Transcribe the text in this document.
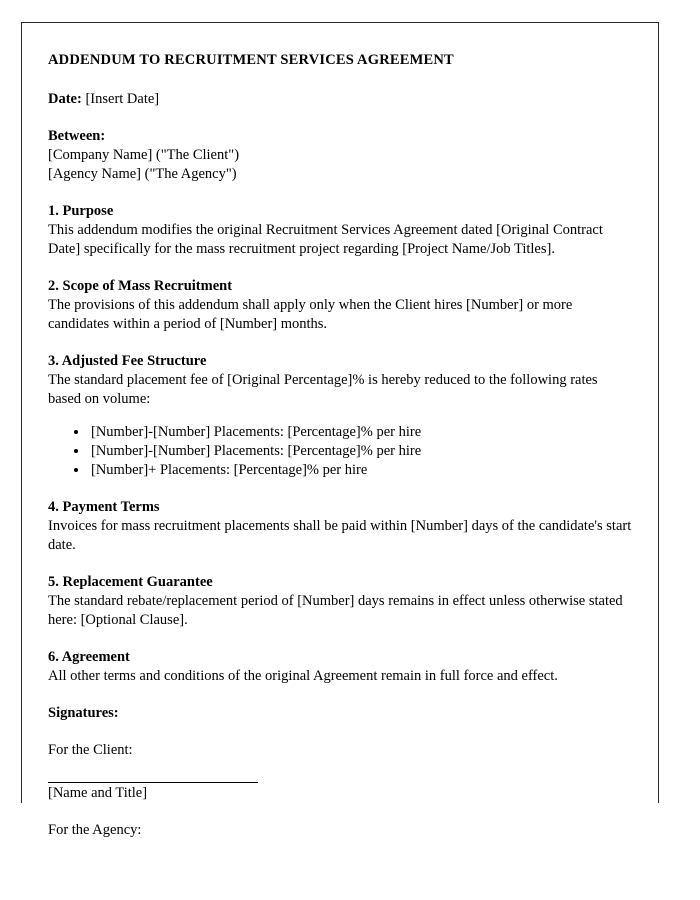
ADDENDUM TO RECRUITMENT SERVICES AGREEMENT

Date: [Insert Date]

Between:

[Company Name] ("The Client")

[Agency Name] ("The Agency")

1. Purpose

This addendum modifies the original Recruitment Services Agreement dated [Original Contract Date] specifically for the mass recruitment project regarding [Project Name/Job Titles].

2. Scope of Mass Recruitment

The provisions of this addendum shall apply only when the Client hires [Number] or more candidates within a period of [Number] months.

3. Adjusted Fee Structure

The standard placement fee of [Original Percentage]% is hereby reduced to the following rates based on volume:

• [Number]-[Number] Placements: [Percentage]% per hire
• [Number]-[Number] Placements: [Percentage]% per hire
• [Number]+ Placements: [Percentage]% per hire

4. Payment Terms

Invoices for mass recruitment placements shall be paid within [Number] days of the candidate's start date.

5. Replacement Guarantee

The standard rebate/replacement period of [Number] days remains in effect unless otherwise stated here: [Optional Clause].

6. Agreement

All other terms and conditions of the original Agreement remain in full force and effect.

Signatures:

For the Client:

[Name and Title]

For the Agency:
